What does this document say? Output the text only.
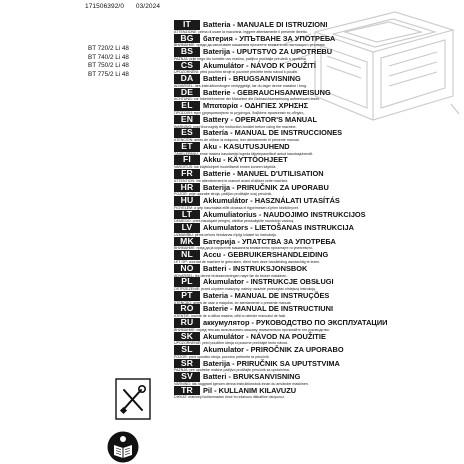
171506392/0 03/2024
BT 720/2 Li 48
BT 740/2 Li 48
BT 750/2 Li 48
BT 775/2 Li 48
IT	Batteria - MANUALE DI ISTRUZIONI
ATTENZIONE: prima di usare la macchina, leggere attentamente il presente libretto.
BG	батерия - УПЪТВАНЕ ЗА УПОТРЕБА
ВНИМАНИЕ: преди да използвате машината прочетете внимателно настоящото упътване.
BS	Baterija - UPUTSTVO ZA UPOTREBU
PAŽNJA: prije nego što koristite ovu mašinu, pažljivo pročitajte priručnik s uputama.
CS	Akumulátor - NÁVOD K POUŽITÍ
UPOZORNĚNÍ: před použitím stroje si pozorně přečtěte tento návod k použití.
DA	Batteri - BRUGSANVISNING
ADVARSEL: læs instruktionsbogen omhyggeligt, før du tager denne maskine i brug.
DE	Batterie - GEBRAUCHSANWEISUNG
ACHTUNG: vor Inbetriebnahme der Maschine die Gebrauchsanweisung aufmerksam lesen.
EL	Μπαταρία - ΟΔΗΓΙΕΣ ΧΡΗΣΗΣ
ΠΡΟΣΟΧΗ: πριν χρησιμοποιήσετε το μηχάνημα, διαβάστε προσεκτικά τις οδηγίες.
EN	Battery - OPERATOR'S MANUAL
WARNING: read thoroughly the instruction booklet before using the machine.
ES	Batería - MANUAL DE INSTRUCCIONES
ATENCIÓN: antes de utilizar la máquina, leer atentamente el presente manual.
ET	Aku - KASUTUSJUHEND
TÄHELEPANU: enne masina kasutamist lugeda tähelepanelikult antud kasutusjuhendit.
FI	Akku - KÄYTTÖOHJEET
VAROITUS: lue käyttöohjeet huolellisesti ennen koneen käyttöä.
FR	Batterie - MANUEL D'UTILISATION
ATTENTION: lire attentivement le manuel avant d'utiliser cette machine.
HR	Baterija - PRIRUČNIK ZA UPORABU
POZOR: prije uporabe stroja, pažljivo pročitajte ovaj priručnik.
HU	Akkumulátor - HASZNÁLATI UTASÍTÁS
FIGYELEM: a gép használata előtt olvassa el figyelmesen a jelen kézikönyvet.
LT	Akumuliatorius - NAUDOJIMO INSTRUKCIJOS
DĖMESIO: prieš naudojant įrenginį, atidžiai perskaitykite naudotojo vadovą.
LV	Akumulators - LIETOŠANAS INSTRUKCIJA
UZMANĪBU: pirms ierīces lietošanas rūpīgi izlasiet šo instrukciju.
MK	Батерија - УПАТСТВА ЗА УПОТРЕБА
ВНИМАНИЕ: пред да ја користите машината внимателно прочитајте го упатството.
NL	Accu - GEBRUIKERSHANDLEIDING
LET OP: voordat de machine te gebruiken, dient men deze handleiding aandachtig te lezen.
NO	Batteri - INSTRUKSJONSBOK
ADVARSEL: les denne bruksanvisningen nøye før du bruker maskinen.
PL	Akumulator - INSTRUKCJE OBSŁUGI
OSTRZEŻENIE: przed użyciem maszyny, należy uważnie przeczytać niniejszą instrukcję.
PT	Bateria - MANUAL DE INSTRUÇÕES
ATENÇÃO: antes de usar a máquina, ler atentamente o presente manual.
RO	Baterie - MANUAL DE INSTRUCTIUNI
ATENȚIE: înainte de a utiliza mașina, citiți cu atenție manualul de față.
RU	аккумулятор - РУКОВОДСТВО ПО ЭКСПЛУАТАЦИИ
ВНИМАНИЕ: перед тем как использовать машину, внимательно прочитайте это руководство.
SK	Akumulátor - NÁVOD NA POUŽITIE
UPOZORNENIE: pred použitím stroja si pozorne prečítajte tento návod.
SL	Akumulator - PRIROČNIK ZA UPORABO
POZOR: pred uporabo stroja, pozorno preberite ta priročnik.
SR	Baterija - PRIRUČNIK SA UPUTSTVIMA
PAŽNJA: pre upotrebe mašine pažljivo pročitajte priručnik sa uputstvima.
SV	Batteri - BRUKSANVISNING
VARNING: läs noggrant igenom denna instruktionsbok innan du använder maskinen.
TR	Pil - KULLANIM KILAVUZU
DİKKAT: makineyi kullanmadan önce bu kılavuzu dikkatlice okuyunuz.
